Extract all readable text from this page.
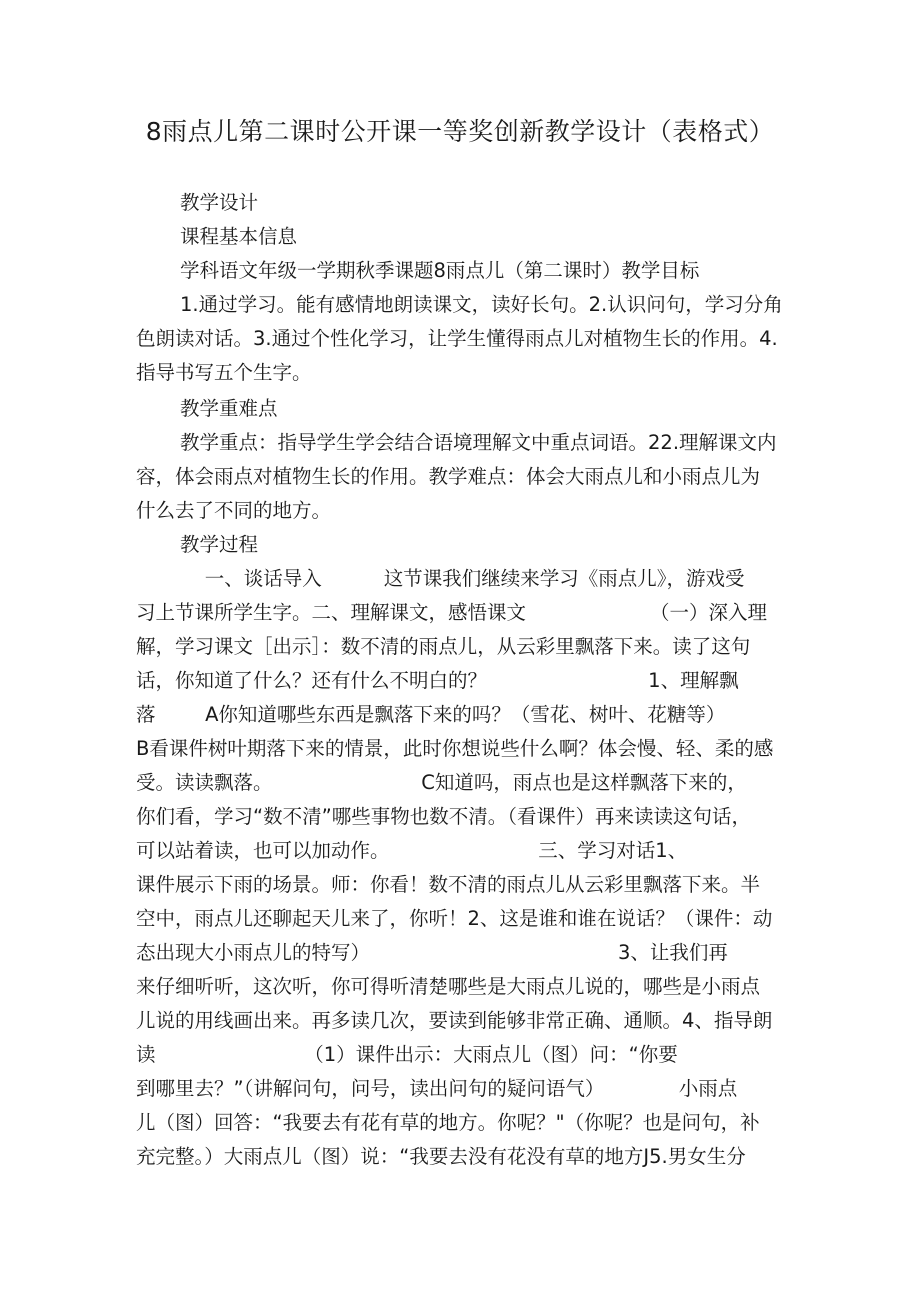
8雨点儿第二课时公开课一等奖创新教学设计（表格式）
教学设计
课程基本信息
学科语文年级一学期秋季课题8雨点儿（第二课时）教学目标
1.通过学习。能有感情地朗读课文，读好长句。2.认识问句，学习分角
色朗读对话。3.通过个性化学习，让学生懂得雨点儿对植物生长的作用。4.
指导书写五个生字。
教学重难点
教学重点：指导学生学会结合语境理解文中重点词语。22.理解课文内
容，体会雨点对植物生长的作用。教学难点：体会大雨点儿和小雨点儿为
什么去了不同的地方。
教学过程
一、谈话导入          这节课我们继续来学习《雨点儿》，游戏受
习上节课所学生字。二、理解课文，感悟课文                    （一）深入理
解，学习课文［出示］：数不清的雨点儿，从云彩里飘落下来。读了这句
话，你知道了什么？还有什么不明白的？                          1、理解飘
落        A你知道哪些东西是飘落下来的吗？（雪花、树叶、花糖等）
B看课件树叶期落下来的情景，此时你想说些什么啊？体会慢、轻、柔的感
受。读读飘落。                        C知道吗，雨点也是这样飘落下来的，
你们看，学习“数不清”哪些事物也数不清。（看课件）再来读读这句话，
可以站着读，也可以加动作。                        三、学习对话1、
课件展示下雨的场景。师：你看！数不清的雨点儿从云彩里飘落下来。半
空中，雨点儿还聊起天儿来了，你听！2、这是谁和谁在说话？（课件：动
态出现大小雨点儿的特写）                                        3、让我们再
来仔细听听，这次听，你可得听清楚哪些是大雨点儿说的，哪些是小雨点
儿说的用线画出来。再多读几次，要读到能够非常正确、通顺。4、指导朗
读                        （1）课件出示：大雨点儿（图）问：“你要
到哪里去？”（讲解问句，问号，读出问句的疑问语气）            小雨点
儿（图）回答：“我要去有花有草的地方。你呢？"（你呢？也是问句，补
充完整。）大雨点儿（图）说：“我要去没有花没有草的地方J5.男女生分
